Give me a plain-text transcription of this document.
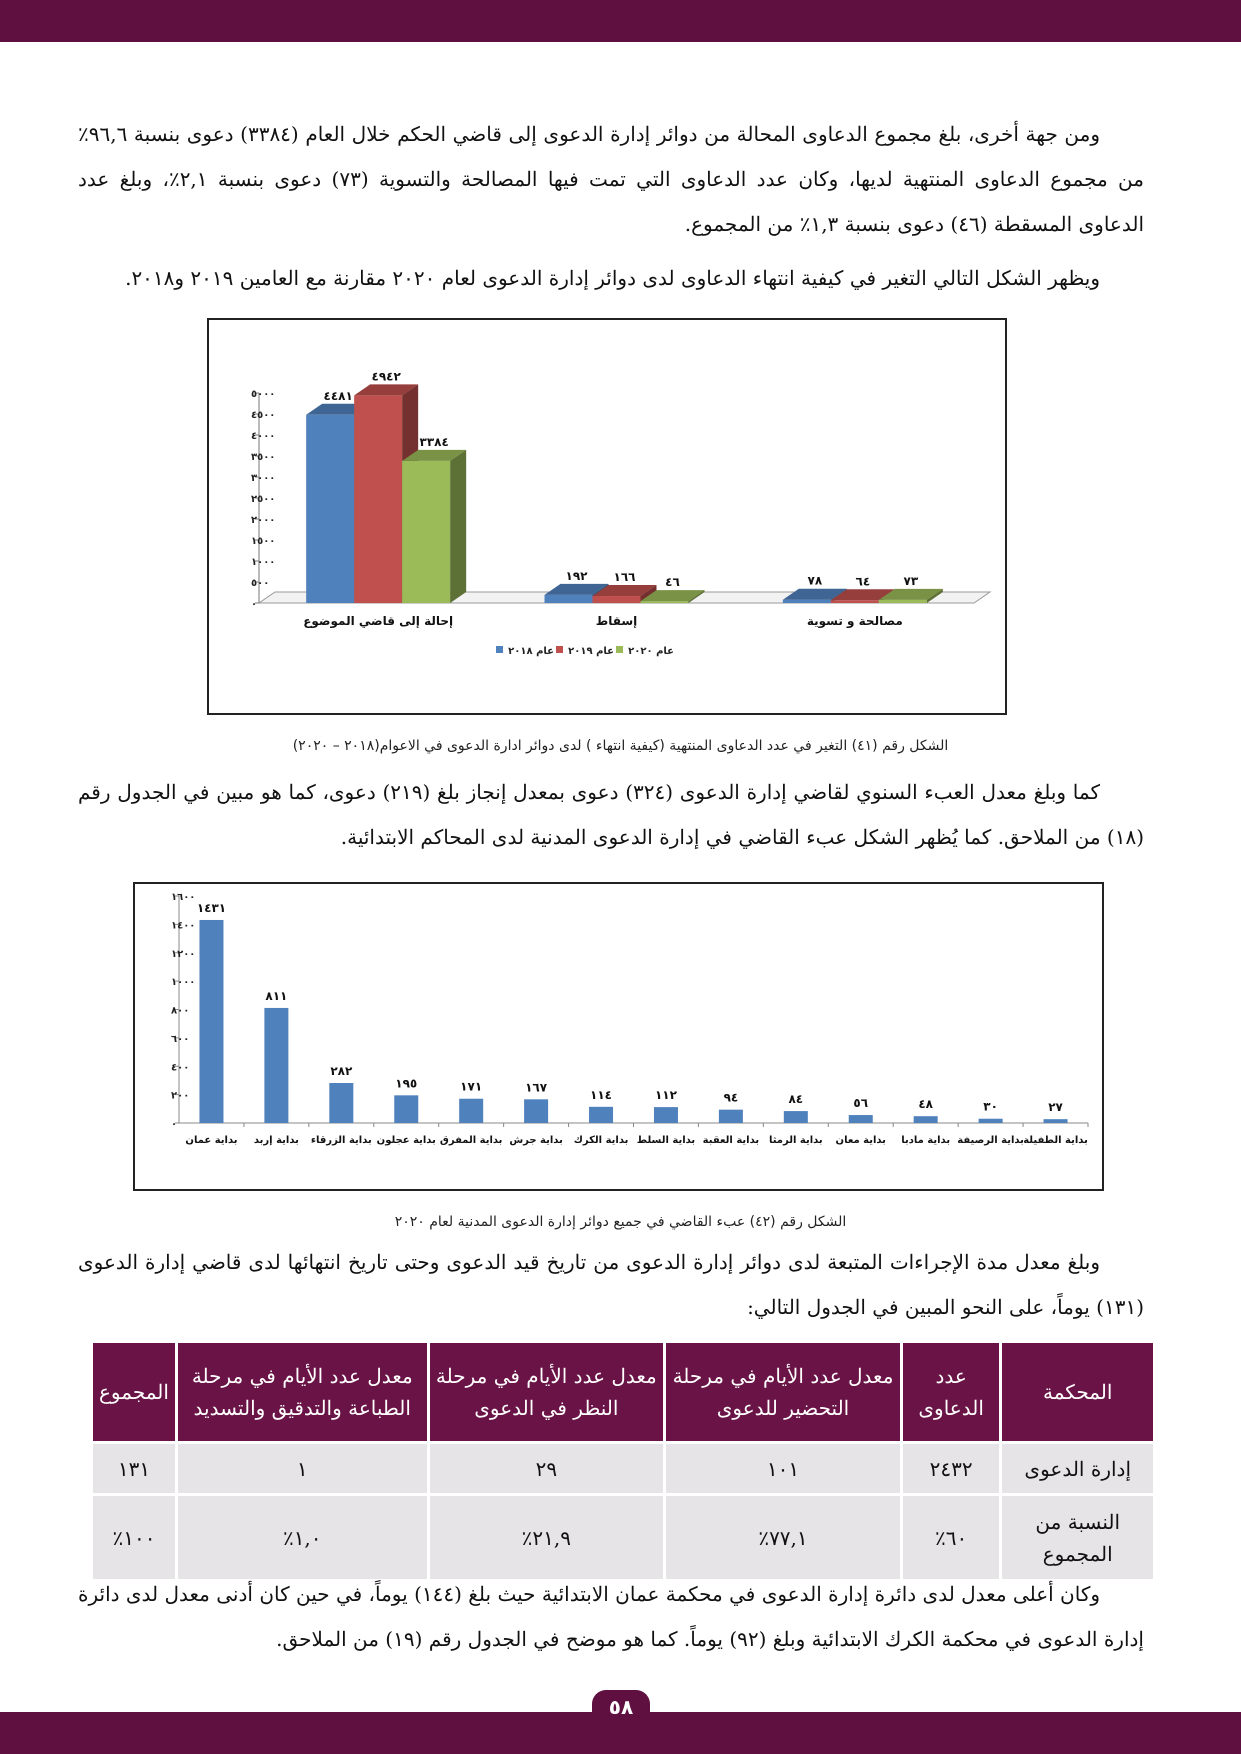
ومن جهة أخرى، بلغ مجموع الدعاوى المحالة من دوائر إدارة الدعوى إلى قاضي الحكم خلال العام (٣٣٨٤) دعوى بنسبة ٩٦,٦٪ من مجموع الدعاوى المنتهية لديها، وكان عدد الدعاوى التي تمت فيها المصالحة والتسوية (٧٣) دعوى بنسبة ٢,١٪، وبلغ عدد الدعاوى المسقطة (٤٦) دعوى بنسبة ١,٣٪ من المجموع.

ويظهر الشكل التالي التغير في كيفية انتهاء الدعاوى لدى دوائر إدارة الدعوى لعام ٢٠٢٠ مقارنة مع العامين ٢٠١٩ و٢٠١٨.

٠
٥٠٠
١٠٠٠
١٥٠٠
٢٠٠٠
٢٥٠٠
٣٠٠٠
٣٥٠٠
٤٠٠٠
٤٥٠٠
٥٠٠٠
إحالة إلى قاضي الموضوع
٤٤٨١
٤٩٤٢
٣٣٨٤
إسقاط
١٩٢ ١٦٦ ٤٦
مصالحة و تسوية
٧٨	٦٤	٧٣
عام ٢٠١٨ عام ٢٠١٩ عام ٢٠٢٠
الشكل رقم (٤١) التغير في عدد الدعاوى المنتهية (كيفية انتهاء ) لدى دوائر ادارة الدعوى في الاعوام(٢٠١٨ – ٢٠٢٠)

كما وبلغ معدل العبء السنوي لقاضي إدارة الدعوى (٣٢٤) دعوى بمعدل إنجاز بلغ (٢١٩) دعوى، كما هو مبين في الجدول رقم (١٨) من الملاحق. كما يُظهر الشكل عبء القاضي في إدارة الدعوى المدنية لدى المحاكم الابتدائية.

٠
٢٠٠
٤٠٠
٦٠٠
٨٠٠
١٠٠٠
١٢٠٠
١٤٠٠
١٦٠٠
١٤٣١
بداية عمان
٨١١
بداية إربد
٢٨٢
بداية الزرقاء
١٩٥
بداية عجلون
١٧١
بداية المفرق
١٦٧
بداية جرش
١١٤
بداية الكرك
١١٢
بداية السلط
٩٤
بداية العقبة
٨٤
بداية الرمثا
٥٦
بداية معان
٤٨
بداية مادبا
٣٠
بداية الرصيفة
٢٧
بداية الطفيلة
الشكل رقم (٤٢) عبء القاضي في جميع دوائر إدارة الدعوى المدنية لعام ٢٠٢٠

وبلغ معدل مدة الإجراءات المتبعة لدى دوائر إدارة الدعوى من تاريخ قيد الدعوى وحتى تاريخ انتهائها لدى قاضي إدارة الدعوى (١٣١) يوماً، على النحو المبين في الجدول التالي:

المحكمة	عدد الدعاوى	معدل عدد الأيام في مرحلة التحضير للدعوى	معدل عدد الأيام في مرحلة النظر في الدعوى	معدل عدد الأيام في مرحلة الطباعة والتدقيق والتسديد	المجموع
إدارة الدعوى	٢٤٣٢	١٠١	٢٩	١	١٣١
النسبة من المجموع	٦٠٪	٧٧,١٪	٢١,٩٪	١,٠٪	١٠٠٪

وكان أعلى معدل لدى دائرة إدارة الدعوى في محكمة عمان الابتدائية حيث بلغ (١٤٤) يوماً، في حين كان أدنى معدل لدى دائرة إدارة الدعوى في محكمة الكرك الابتدائية وبلغ (٩٢) يوماً. كما هو موضح في الجدول رقم (١٩) من الملاحق.

٥٨
